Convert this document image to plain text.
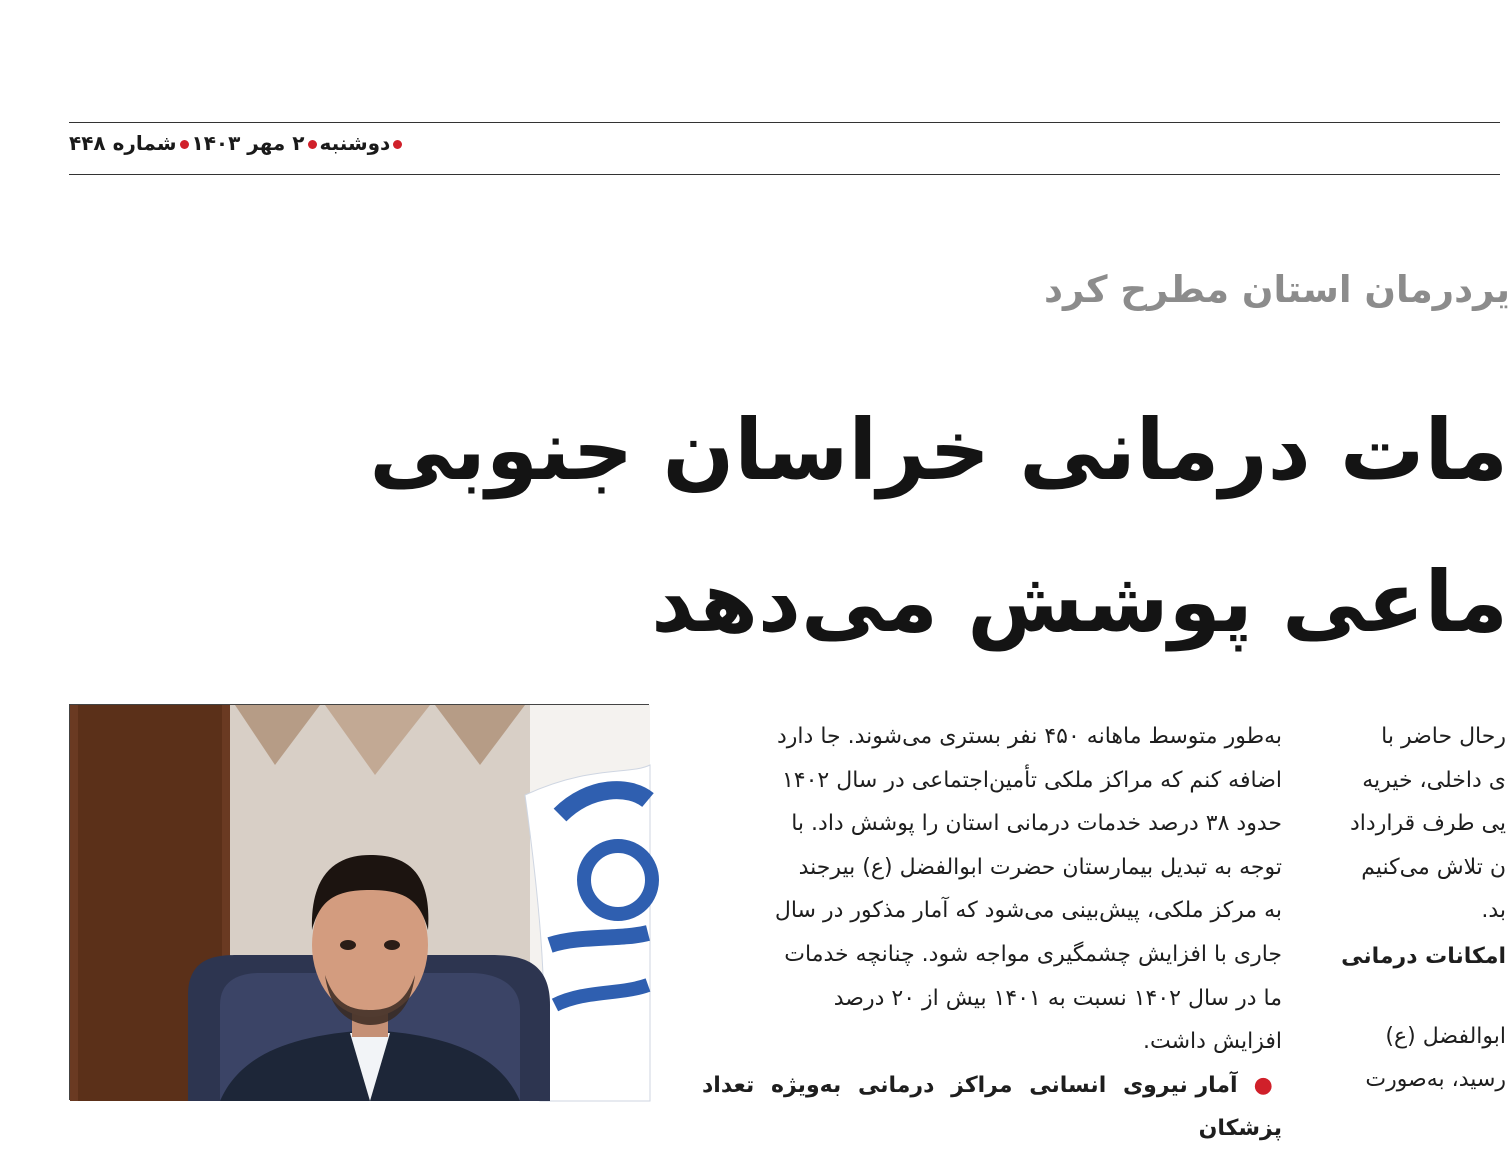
دوشنبه۲ مهر ۱۴۰۳شماره ۴۴۸
یردرمان استان مطرح کرد
مات درمانی خراسان جنوبی
ماعی پوشش می‌دهد

به‌طور متوسط ماهانه ۴۵۰ نفر بستری می‌شوند. جا دارد

اضافه کنم که مراکز ملکی تأمین‌اجتماعی در سال ۱۴۰۲

حدود ۳۸ درصد خدمات درمانی استان را پوشش داد. با

توجه به تبدیل بیمارستان حضرت ابوالفضل (ع) بیرجند

به مرکز ملکی، پیش‌بینی می‌شود که آمار مذکور در سال

جاری با افزایش چشمگیری مواجه شود. چنانچه خدمات

ما در سال ۱۴۰۲ نسبت به ۱۴۰۱ بیش از ۲۰ درصد

افزایش داشت.

● آمار نیروی انسانی مراکز درمانی به‌ویژه تعداد پزشکان

رحال حاضر با

ی داخلی، خیریه

یی طرف قرارداد

ن تلاش می‌کنیم

بد.

امکانات درمانی

ابوالفضل (ع)

رسید، به‌صورت
